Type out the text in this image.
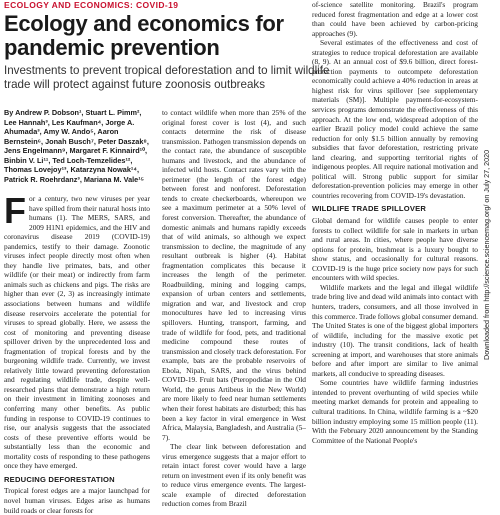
ECOLOGY AND ECONOMICS: COVID-19
Ecology and economics for pandemic prevention
Investments to prevent tropical deforestation and to limit wildlife trade will protect against future zoonosis outbreaks
By Andrew P. Dobson¹, Stuart L. Pimm², Lee Hannah³, Les Kaufman⁴, Jorge A. Ahumada³, Amy W. Ando⁵, Aaron Bernstein⁶, Jonah Busch⁷, Peter Daszak⁸, Jens Engelmann⁹, Margaret F. Kinnaird¹⁰, Binbin V. Li¹¹, Ted Loch-Temzelides¹², Thomas Lovejoy¹³, Katarzyna Nowak¹⁴, Patrick R. Roehrdanz³, Mariana M. Vale¹⁵

For a century, two new viruses per year have spilled from their natural hosts into humans (1). The MERS, SARS, and 2009 H1N1 epidemics, and the HIV and coronavirus disease 2019 (COVID-19) pandemics, testify to their damage. Zoonotic viruses infect people directly most often when they handle live primates, bats, and other wildlife (or their meat) or indirectly from farm animals such as chickens and pigs. The risks are higher than ever (2, 3) as increasingly intimate associations between humans and wildlife disease reservoirs accelerate the potential for viruses to spread globally. Here, we assess the cost of monitoring and preventing disease spillover driven by the unprecedented loss and fragmentation of tropical forests and by the burgeoning wildlife trade. Currently, we invest relatively little toward preventing deforestation and regulating wildlife trade, despite well-researched plans that demonstrate a high return on their investment in limiting zoonoses and conferring many other benefits. As public funding in response to COVID-19 continues to rise, our analysis suggests that the associated costs of these preventive efforts would be substantially less than the economic and mortality costs of responding to these pathogens once they have emerged.

REDUCING DEFORESTATION

Tropical forest edges are a major launchpad for novel human viruses. Edges arise as humans build roads or clear forests for

to contact wildlife when more than 25% of the original forest cover is lost (4), and such contacts determine the risk of disease transmission. Pathogen transmission depends on the contact rate, the abundance of susceptible humans and livestock, and the abundance of infected wild hosts. Contact rates vary with the perimeter (the length of the forest edge) between forest and nonforest. Deforestation tends to create checkerboards, whereupon we see a maximum perimeter at a 50% level of forest conversion. Thereafter, the abundance of domestic animals and humans rapidly exceeds that of wild animals, so although we expect transmission to decline, the magnitude of any resultant outbreak is higher (4). Habitat fragmentation complicates this because it increases the length of the perimeter. Roadbuilding, mining and logging camps, expansion of urban centers and settlements, migration and war, and livestock and crop monocultures have led to increasing virus spillovers. Hunting, transport, farming, and trade of wildlife for food, pets, and traditional medicine compound these routes of transmission and closely track deforestation. For example, bats are the probable reservoirs of Ebola, Nipah, SARS, and the virus behind COVID-19. Fruit bats (Pteropodidae in the Old World, the genus Artibeus in the New World) are more likely to feed near human settlements when their forest habitats are disturbed; this has been a key factor in viral emergence in West Africa, Malaysia, Bangladesh, and Australia (5–7).

The clear link between deforestation and virus emergence suggests that a major effort to retain intact forest cover would have a large return on investment even if its only benefit was to reduce virus emergence events. The largest-scale example of directed deforestation reduction comes from Brazil

of-science satellite monitoring. Brazil's program reduced forest fragmentation and edge at a lower cost than could have been achieved by carbon-pricing approaches (9).

Several estimates of the effectiveness and cost of strategies to reduce tropical deforestation are available (8, 9). At an annual cost of $9.6 billion, direct forest-protection payments to outcompete deforestation economically could achieve a 40% reduction in areas at highest risk for virus spillover [see supplementary materials (SM)]. Multiple payment-for-ecosystem-services programs demonstrate the effectiveness of this approach. At the low end, widespread adoption of the earlier Brazil policy model could achieve the same reduction for only $1.5 billion annually by removing subsidies that favor deforestation, restricting private land clearing, and supporting territorial rights of indigenous peoples. All require national motivation and political will. Strong public support for similar deforestation-prevention policies may emerge in other countries recovering from COVID-19's devastation.

WILDLIFE TRADE SPILLOVER

Global demand for wildlife causes people to enter forests to collect wildlife for sale in markets in urban and rural areas. In cities, where people have diverse options for protein, bushmeat is a luxury bought to show status, and occasionally for cultural reasons. COVID-19 is the huge price society now pays for such encounters with wild species.

Wildlife markets and the legal and illegal wildlife trade bring live and dead wild animals into contact with hunters, traders, consumers, and all those involved in this commerce. Trade follows global consumer demand. The United States is one of the biggest global importers of wildlife, including for the massive exotic pet industry (10). The transit conditions, lack of health screening at import, and warehouses that store animals before and after import are similar to live animal markets, all conducive to spreading diseases.

Some countries have wildlife farming industries intended to prevent overhunting of wild species while meeting market demands for protein and appealing to cultural traditions. In China, wildlife farming is a ~$20 billion industry employing some 15 million people (11). With the February 2020 announcement by the Standing Committee of the National People's

Downloaded from http://science.sciencemag.org/ on July 27, 2020
